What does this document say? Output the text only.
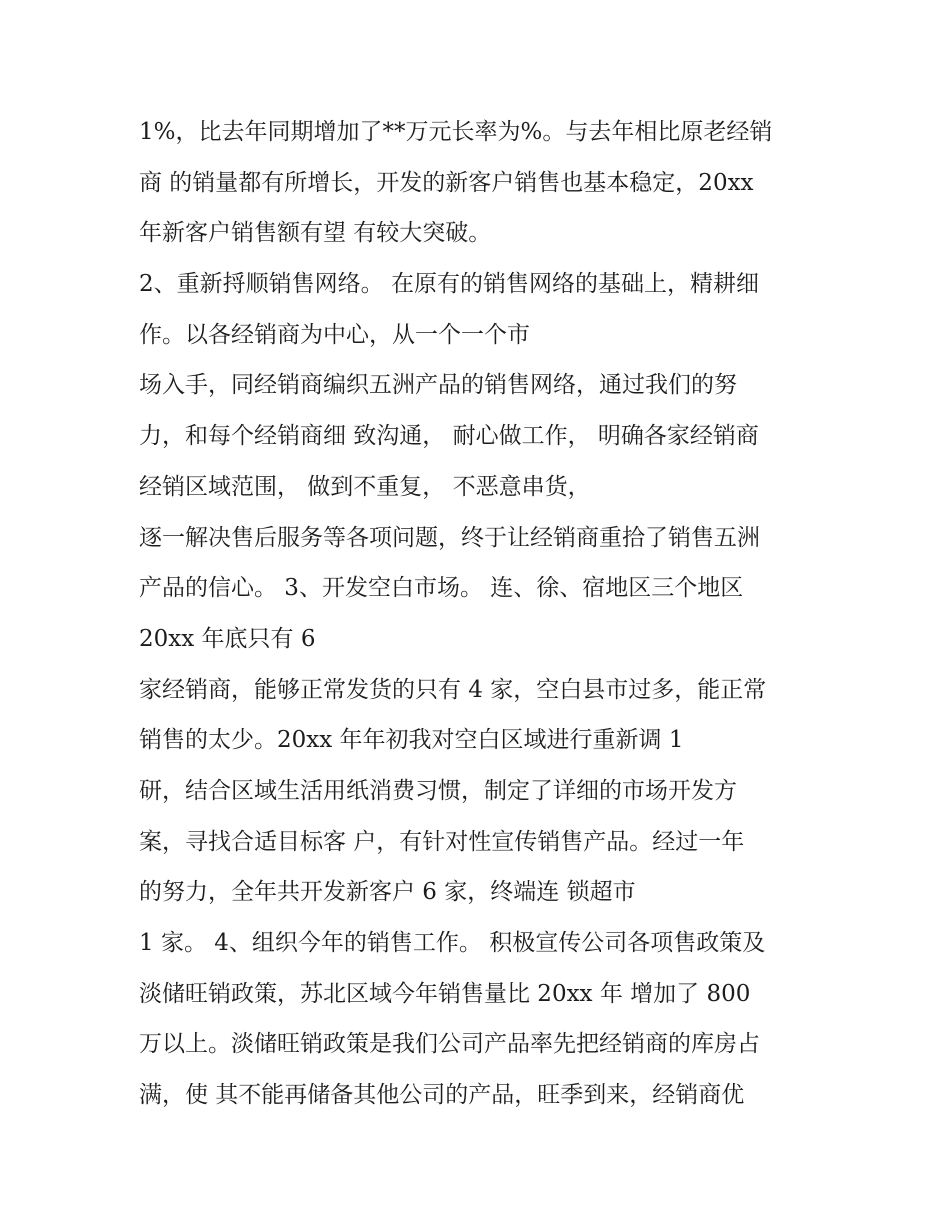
1%，比去年同期增加了**万元长率为%。与去年相比原老经销
商 的销量都有所增长，开发的新客户销售也基本稳定，20xx
年新客户销售额有望 有较大突破。
2、重新捋顺销售网络。 在原有的销售网络的基础上，精耕细
作。以各经销商为中心，从一个一个市
场入手，同经销商编织五洲产品的销售网络，通过我们的努
力，和每个经销商细 致沟通， 耐心做工作， 明确各家经销商
经销区域范围， 做到不重复， 不恶意串货，
逐一解决售后服务等各项问题，终于让经销商重拾了销售五洲
产品的信心。 3、开发空白市场。 连、徐、宿地区三个地区
20xx 年底只有 6
家经销商，能够正常发货的只有 4 家，空白县市过多，能正常
销售的太少。20xx 年年初我对空白区域进行重新调 1
研，结合区域生活用纸消费习惯，制定了详细的市场开发方
案，寻找合适目标客 户，有针对性宣传销售产品。经过一年
的努力，全年共开发新客户 6 家，终端连 锁超市
1 家。 4、组织今年的销售工作。 积极宣传公司各项售政策及
淡储旺销政策，苏北区域今年销售量比 20xx 年 增加了 800
万以上。淡储旺销政策是我们公司产品率先把经销商的库房占
满，使 其不能再储备其他公司的产品，旺季到来，经销商优
